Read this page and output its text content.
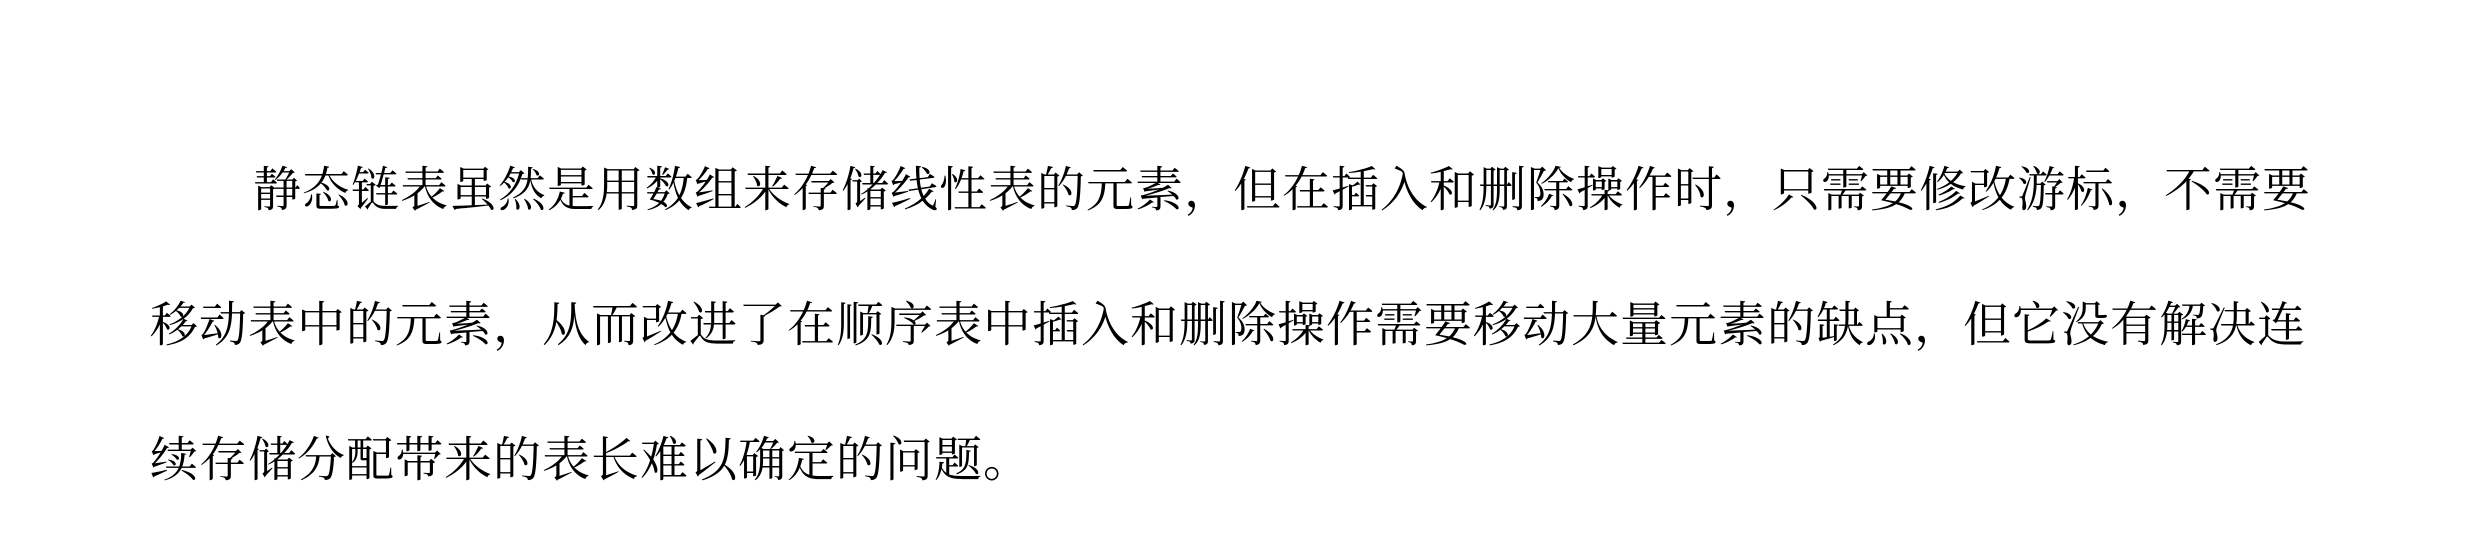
静态链表虽然是用数组来存储线性表的元素，但在插入和删除操作时，只需要修改游标，不需要
移动表中的元素，从而改进了在顺序表中插入和删除操作需要移动大量元素的缺点，但它没有解决连
续存储分配带来的表长难以确定的问题。
